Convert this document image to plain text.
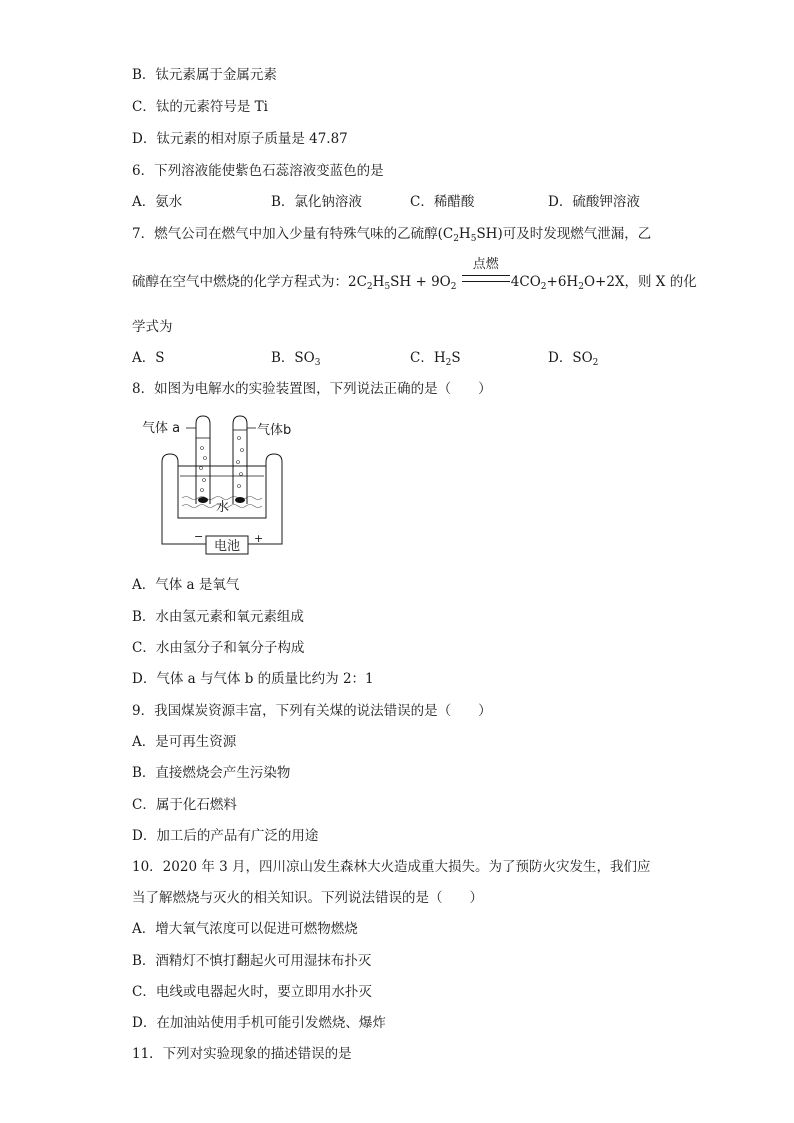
B．钛元素属于金属元素
C．钛的元素符号是 Ti
D．钛元素的相对原子质量是 47.87
6．下列溶液能使紫色石蕊溶液变蓝色的是
A．氨水	B．氯化钠溶液	C．稀醋酸	D．硫酸钾溶液
7．燃气公司在燃气中加入少量有特殊气味的乙硫醇$(C_2H_5SH)$可及时发现燃气泄漏，乙
硫醇在空气中燃烧的化学方程式为：$2C_2H_5SH + 9O_2$
点燃
$4CO_2+6H_2O+2X$，则 X 的化
学式为
A．S	B．$SO_3$	C．$H_2S$	D．$SO_2$
8．如图为电解水的实验装置图，下列说法正确的是（　　）
气体 a	气体b
水
电池
−	+
A．气体 a 是氧气
B．水由氢元素和氧元素组成
C．水由氢分子和氧分子构成
D．气体 a 与气体 b 的质量比约为 2：1
9．我国煤炭资源丰富，下列有关煤的说法错误的是（　　）
A．是可再生资源
B．直接燃烧会产生污染物
C．属于化石燃料
D．加工后的产品有广泛的用途
10．2020 年 3 月，四川凉山发生森林大火造成重大损失。为了预防火灾发生，我们应
当了解燃烧与灭火的相关知识。下列说法错误的是（　　）
A．增大氧气浓度可以促进可燃物燃烧
B．酒精灯不慎打翻起火可用湿抹布扑灭
C．电线或电器起火时，要立即用水扑灭
D．在加油站使用手机可能引发燃烧、爆炸
11．下列对实验现象的描述错误的是
